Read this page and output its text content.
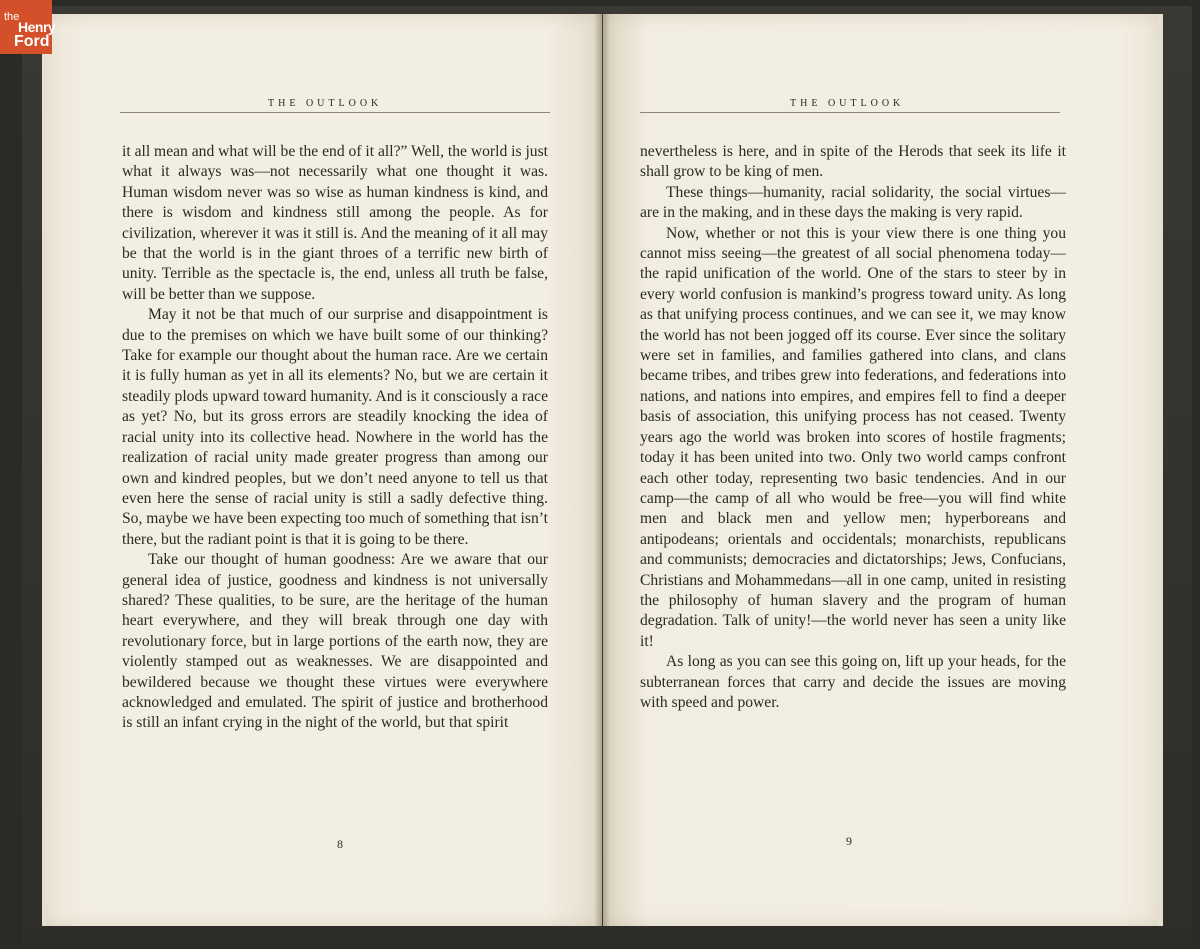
the
Henry
Ford
THE OUTLOOK

it all mean and what will be the end of it all?” Well, the world is just what it always was—not necessarily what one thought it was. Human wisdom never was so wise as human kindness is kind, and there is wisdom and kindness still among the people. As for civilization, wherever it was it still is. And the meaning of it all may be that the world is in the giant throes of a terrific new birth of unity. Terrible as the spectacle is, the end, unless all truth be false, will be better than we suppose.

May it not be that much of our surprise and disappointment is due to the premises on which we have built some of our thinking? Take for example our thought about the human race. Are we certain it is fully human as yet in all its elements? No, but we are certain it steadily plods upward toward humanity. And is it consciously a race as yet? No, but its gross errors are steadily knocking the idea of racial unity into its collective head. Nowhere in the world has the realization of racial unity made greater progress than among our own and kindred peoples, but we don’t need anyone to tell us that even here the sense of racial unity is still a sadly defective thing. So, maybe we have been expecting too much of something that isn’t there, but the radiant point is that it is going to be there.

Take our thought of human goodness: Are we aware that our general idea of justice, goodness and kindness is not universally shared? These qualities, to be sure, are the heritage of the human heart everywhere, and they will break through one day with revolutionary force, but in large portions of the earth now, they are violently stamped out as weaknesses. We are disappointed and bewildered because we thought these virtues were everywhere acknowledged and emulated. The spirit of justice and brotherhood is still an infant crying in the night of the world, but that spirit

8
THE OUTLOOK

nevertheless is here, and in spite of the Herods that seek its life it shall grow to be king of men.

These things—humanity, racial solidarity, the social virtues—are in the making, and in these days the making is very rapid.

Now, whether or not this is your view there is one thing you cannot miss seeing—the greatest of all social phenomena today—the rapid unification of the world. One of the stars to steer by in every world confusion is mankind’s progress toward unity. As long as that unifying process continues, and we can see it, we may know the world has not been jogged off its course. Ever since the solitary were set in families, and families gathered into clans, and clans became tribes, and tribes grew into federations, and federations into nations, and nations into empires, and empires fell to find a deeper basis of association, this unifying process has not ceased. Twenty years ago the world was broken into scores of hostile fragments; today it has been united into two. Only two world camps confront each other today, representing two basic tendencies. And in our camp—the camp of all who would be free—you will find white men and black men and yellow men; hyperboreans and antipodeans; orientals and occidentals; monarchists, republicans and communists; democracies and dictatorships; Jews, Confucians, Christians and Mohammedans—all in one camp, united in resisting the philosophy of human slavery and the program of human degradation. Talk of unity!—the world never has seen a unity like it!

As long as you can see this going on, lift up your heads, for the subterranean forces that carry and decide the issues are moving with speed and power.

9
